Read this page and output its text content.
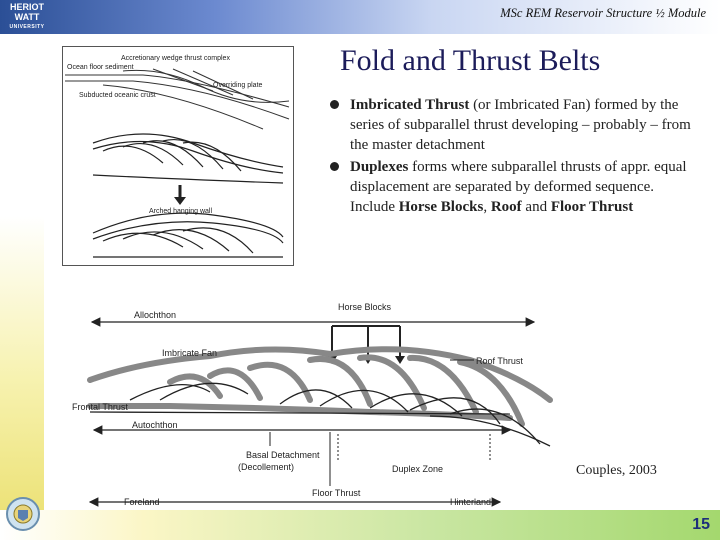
HERIOT
WATT
UNIVERSITY
MSc REM Reservoir Structure ½ Module
Fold and Thrust Belts
Imbricated Thrust (or Imbricated Fan) formed by the series of subparallel thrust developing – probably – from the master detachment
Duplexes forms where subparallel thrusts of appr. equal displacement are separated by deformed sequence. Include Horse Blocks, Roof and Floor Thrust
Accretionary wedge thrust complex
Ocean floor sediment
Overriding plate
Subducted oceanic crust
Arched hanging wall
Allochthon
Horse Blocks
Imbricate Fan
Roof Thrust
Frontal Thrust
Autochthon
Basal Detachment
(Decollement)	Duplex Zone
Floor Thrust
Foreland	Hinterland
Couples, 2003
15
